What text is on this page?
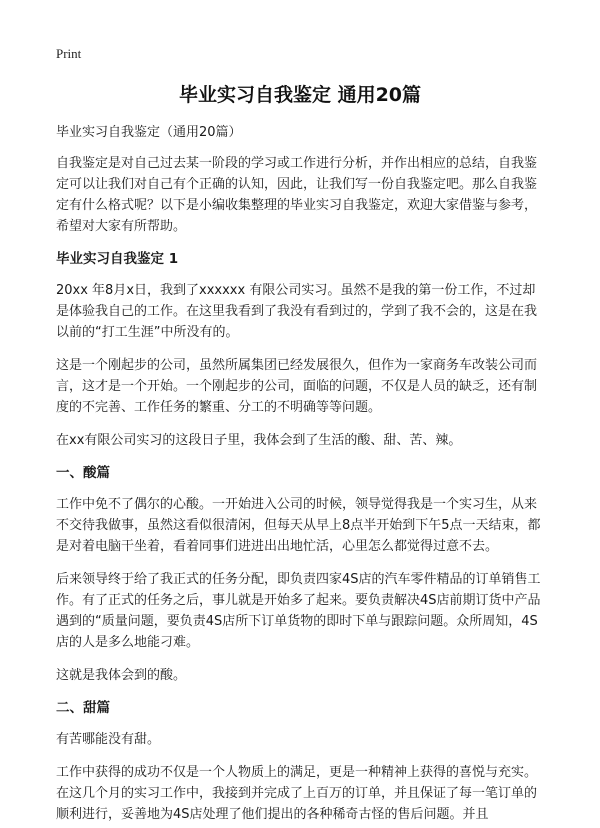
Print
毕业实习自我鉴定 通用20篇

毕业实习自我鉴定（通用20篇）

自我鉴定是对自己过去某一阶段的学习或工作进行分析，并作出相应的总结，自我鉴定可以让我们对自己有个正确的认知，因此，让我们写一份自我鉴定吧。那么自我鉴定有什么格式呢？以下是小编收集整理的毕业实习自我鉴定，欢迎大家借鉴与参考，希望对大家有所帮助。

毕业实习自我鉴定 1

20xx 年8月x日，我到了xxxxxx 有限公司实习。虽然不是我的第一份工作，不过却是体验我自己的工作。在这里我看到了我没有看到过的，学到了我不会的，这是在我以前的“打工生涯”中所没有的。

这是一个刚起步的公司，虽然所属集团已经发展很久，但作为一家商务车改装公司而言，这才是一个开始。一个刚起步的公司，面临的问题，不仅是人员的缺乏，还有制度的不完善、工作任务的繁重、分工的不明确等等问题。

在xx有限公司实习的这段日子里，我体会到了生活的酸、甜、苦、辣。

一、酸篇

工作中免不了偶尔的心酸。一开始进入公司的时候，领导觉得我是一个实习生，从来不交待我做事，虽然这看似很清闲，但每天从早上8点半开始到下午5点一天结束，都是对着电脑干坐着，看着同事们进进出出地忙活，心里怎么都觉得过意不去。

后来领导终于给了我正式的任务分配，即负责四家4S店的汽车零件精品的订单销售工作。有了正式的任务之后，事儿就是开始多了起来。要负责解决4S店前期订货中产品遇到的“质量问题，要负责4S店所下订单货物的即时下单与跟踪问题。众所周知，4S店的人是多么地能刁难。

这就是我体会到的酸。

二、甜篇

有苦哪能没有甜。

工作中获得的成功不仅是一个人物质上的满足，更是一种精神上获得的喜悦与充实。在这几个月的实习工作中，我接到并完成了上百万的订单，并且保证了每一笔订单的顺利进行，妥善地为4S店处理了他们提出的各种稀奇古怪的售后问题。并且
